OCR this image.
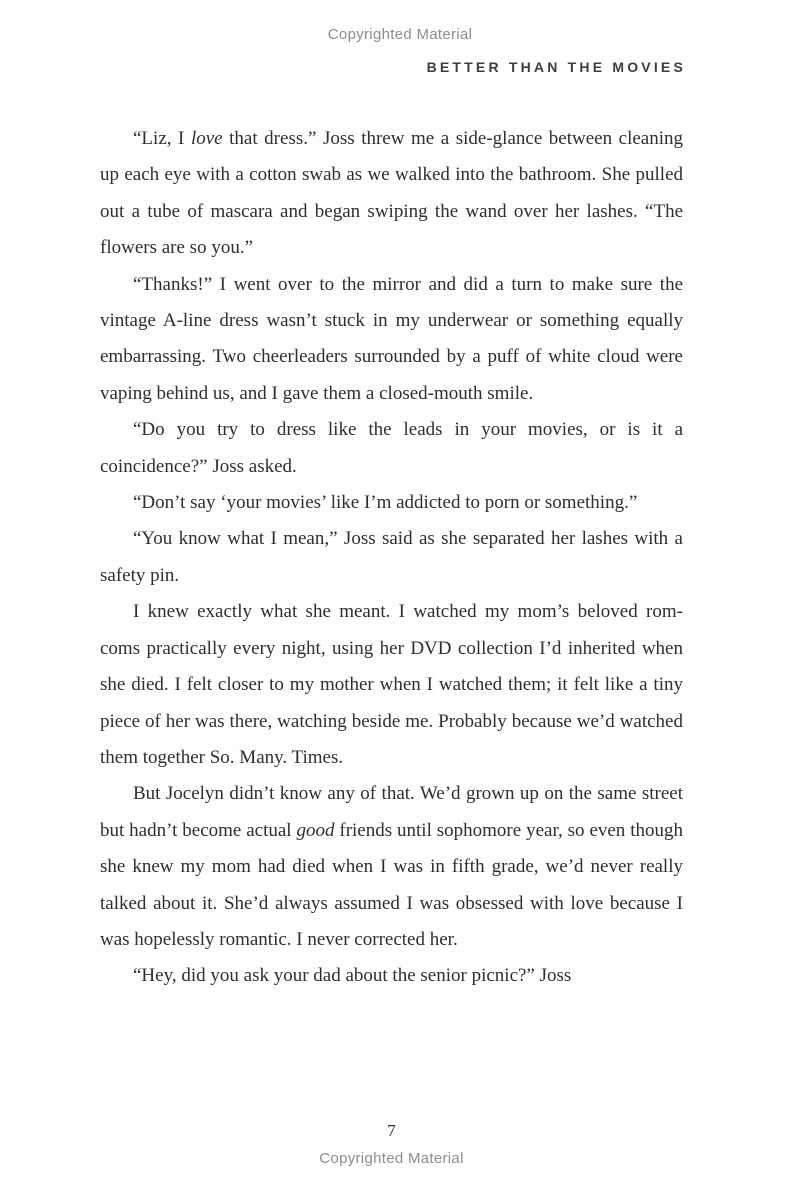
Copyrighted Material
BETTER THAN THE MOVIES

“Liz, I love that dress.” Joss threw me a side-glance between cleaning up each eye with a cotton swab as we walked into the bathroom. She pulled out a tube of mascara and began swiping the wand over her lashes. “The flowers are so you.”

“Thanks!” I went over to the mirror and did a turn to make sure the vintage A-line dress wasn’t stuck in my underwear or something equally embarrassing. Two cheerleaders surrounded by a puff of white cloud were vaping behind us, and I gave them a closed-mouth smile.

“Do you try to dress like the leads in your movies, or is it a coincidence?” Joss asked.

“Don’t say ‘your movies’ like I’m addicted to porn or something.”

“You know what I mean,” Joss said as she separated her lashes with a safety pin.

I knew exactly what she meant. I watched my mom’s beloved rom-coms practically every night, using her DVD collection I’d inherited when she died. I felt closer to my mother when I watched them; it felt like a tiny piece of her was there, watching beside me. Probably because we’d watched them together So. Many. Times.

But Jocelyn didn’t know any of that. We’d grown up on the same street but hadn’t become actual good friends until sophomore year, so even though she knew my mom had died when I was in fifth grade, we’d never really talked about it. She’d always assumed I was obsessed with love because I was hopelessly romantic. I never corrected her.

“Hey, did you ask your dad about the senior picnic?” Joss

7
Copyrighted Material
